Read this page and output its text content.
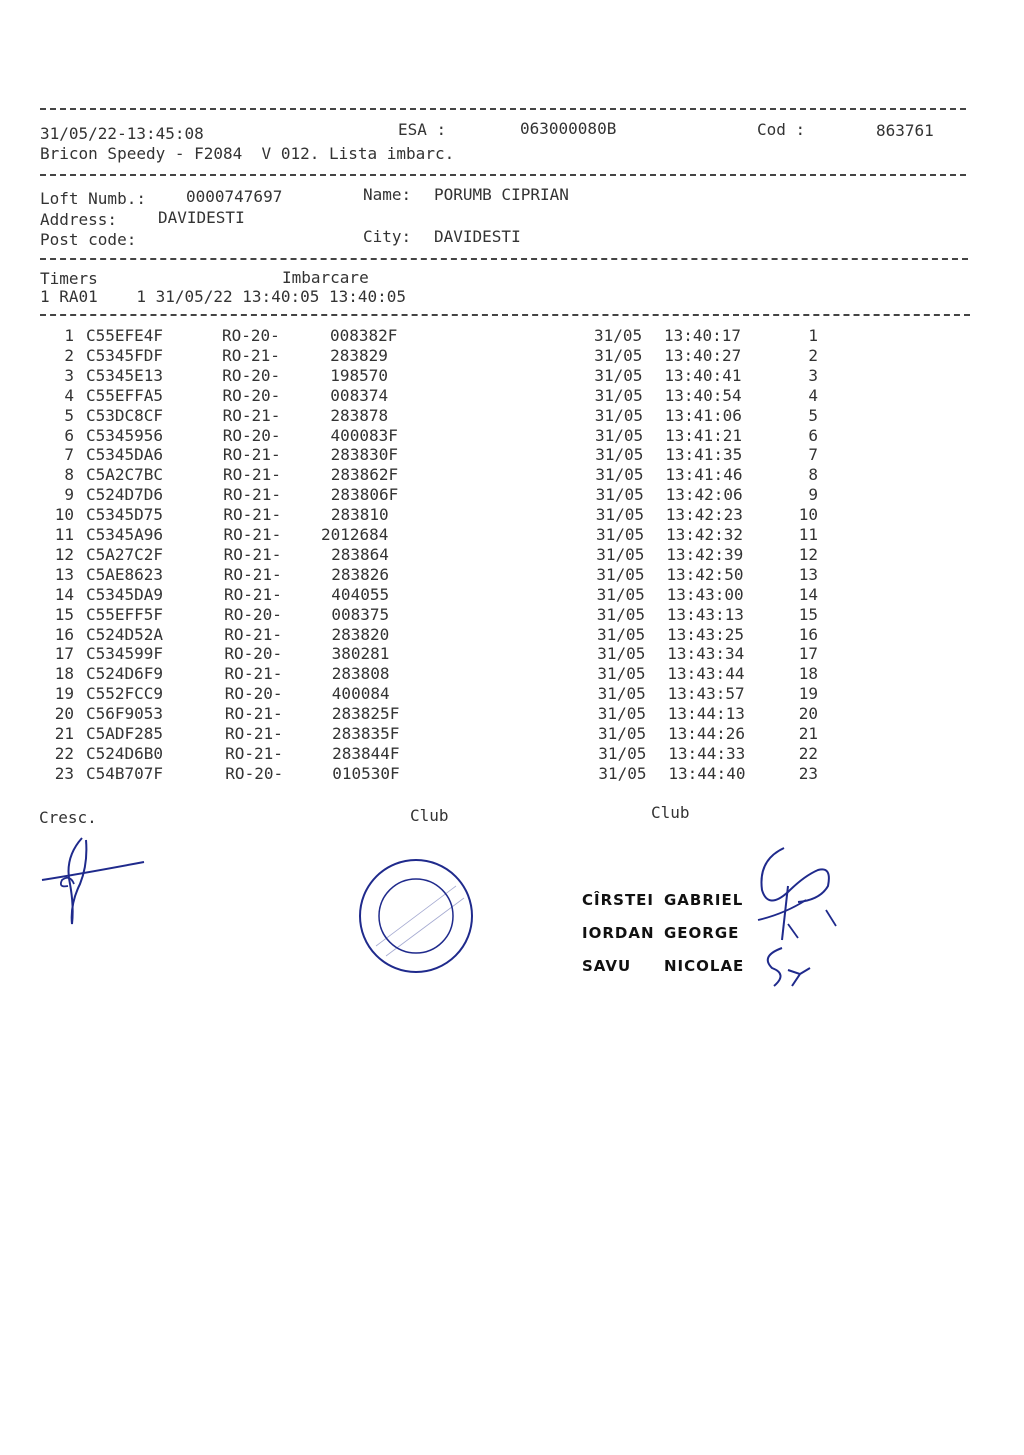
31/05/22-13:45:08	ESA :	063000080B	Cod :	863761
Bricon Speedy - F2084  V 012. Lista imbarc.
Loft Numb.:	0000747697	Name: PORUMB CIPRIAN
Address:	DAVIDESTI
Post code:	City: DAVIDESTI
Timers	Imbarcare
1 RA01    1 31/05/22 13:40:05 13:40:05
1 C55EFE4F	RO-20-	008382F	31/05 13:40:17	1
2 C5345FDF	RO-21-	283829	31/05 13:40:27	2
3 C5345E13	RO-20-	198570	31/05 13:40:41	3
4 C55EFFA5	RO-20-	008374	31/05 13:40:54	4
5 C53DC8CF	RO-21-	283878	31/05 13:41:06	5
6 C5345956	RO-20-	400083F	31/05 13:41:21	6
7 C5345DA6	RO-21-	283830F	31/05 13:41:35	7
8 C5A2C7BC	RO-21-	283862F	31/05 13:41:46	8
9 C524D7D6	RO-21-	283806F	31/05 13:42:06	9
10 C5345D75	RO-21-	283810	31/05 13:42:23	10
11 C5345A96	RO-21- 2012684	31/05 13:42:32	11
12 C5A27C2F	RO-21-	283864	31/05 13:42:39	12
13 C5AE8623	RO-21-	283826	31/05 13:42:50	13
14 C5345DA9	RO-21-	404055	31/05 13:43:00	14
15 C55EFF5F	RO-20-	008375	31/05 13:43:13	15
16 C524D52A	RO-21-	283820	31/05 13:43:25	16
17 C534599F	RO-20-	380281	31/05 13:43:34	17
18 C524D6F9	RO-21-	283808	31/05 13:43:44	18
19 C552FCC9	RO-20-	400084	31/05 13:43:57	19
20 C56F9053	RO-21-	283825F	31/05 13:44:13	20
21 C5ADF285	RO-21-	283835F	31/05 13:44:26	21
22 C524D6B0	RO-21-	283844F	31/05 13:44:33	22
23 C54B707F	RO-20-	010530F	31/05 13:44:40	23
Cresc.	Club	Club
CÎRSTEI GABRIEL
IORDAN GEORGE
SAVU	NICOLAE
